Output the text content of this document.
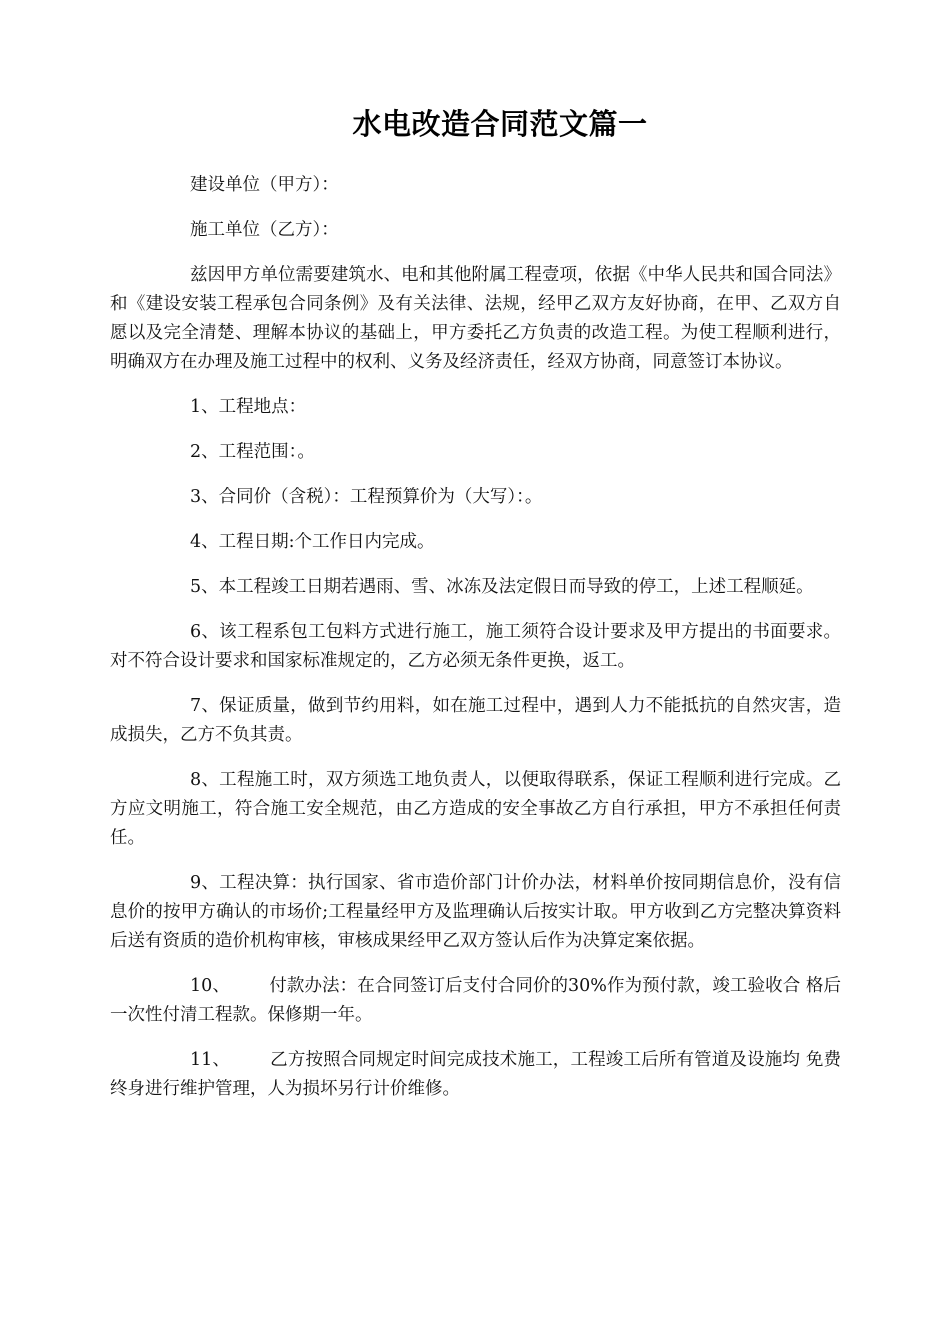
水电改造合同范文篇一

建设单位（甲方）：

施工单位（乙方）：

兹因甲方单位需要建筑水、电和其他附属工程壹项，依据《中华人民共和国合同法》和《建设安装工程承包合同条例》及有关法律、法规，经甲乙双方友好协商，在甲、乙双方自愿以及完全清楚、理解本协议的基础上，甲方委托乙方负责的改造工程。为使工程顺利进行，明确双方在办理及施工过程中的权利、义务及经济责任，经双方协商，同意签订本协议。

1、工程地点：

2、工程范围：。

3、合同价（含税）：工程预算价为（大写）：。

4、工程日期:个工作日内完成。

5、本工程竣工日期若遇雨、雪、冰冻及法定假日而导致的停工，上述工程顺延。

6、该工程系包工包料方式进行施工，施工须符合设计要求及甲方提出的书面要求。对不符合设计要求和国家标准规定的，乙方必须无条件更换，返工。

7、保证质量，做到节约用料，如在施工过程中，遇到人力不能抵抗的自然灾害，造成损失，乙方不负其责。

8、工程施工时，双方须选工地负责人，以便取得联系，保证工程顺利进行完成。乙方应文明施工，符合施工安全规范，由乙方造成的安全事故乙方自行承担，甲方不承担任何责任。

9、工程决算：执行国家、省市造价部门计价办法，材料单价按同期信息价，没有信息价的按甲方确认的市场价;工程量经甲方及监理确认后按实计取。甲方收到乙方完整决算资料后送有资质的造价机构审核，审核成果经甲乙双方签认后作为决算定案依据。

10、       付款办法：在合同签订后支付合同价的30%作为预付款，竣工验收合 格后一次性付清工程款。保修期一年。

11、       乙方按照合同规定时间完成技术施工，工程竣工后所有管道及设施均 免费终身进行维护管理，人为损坏另行计价维修。
